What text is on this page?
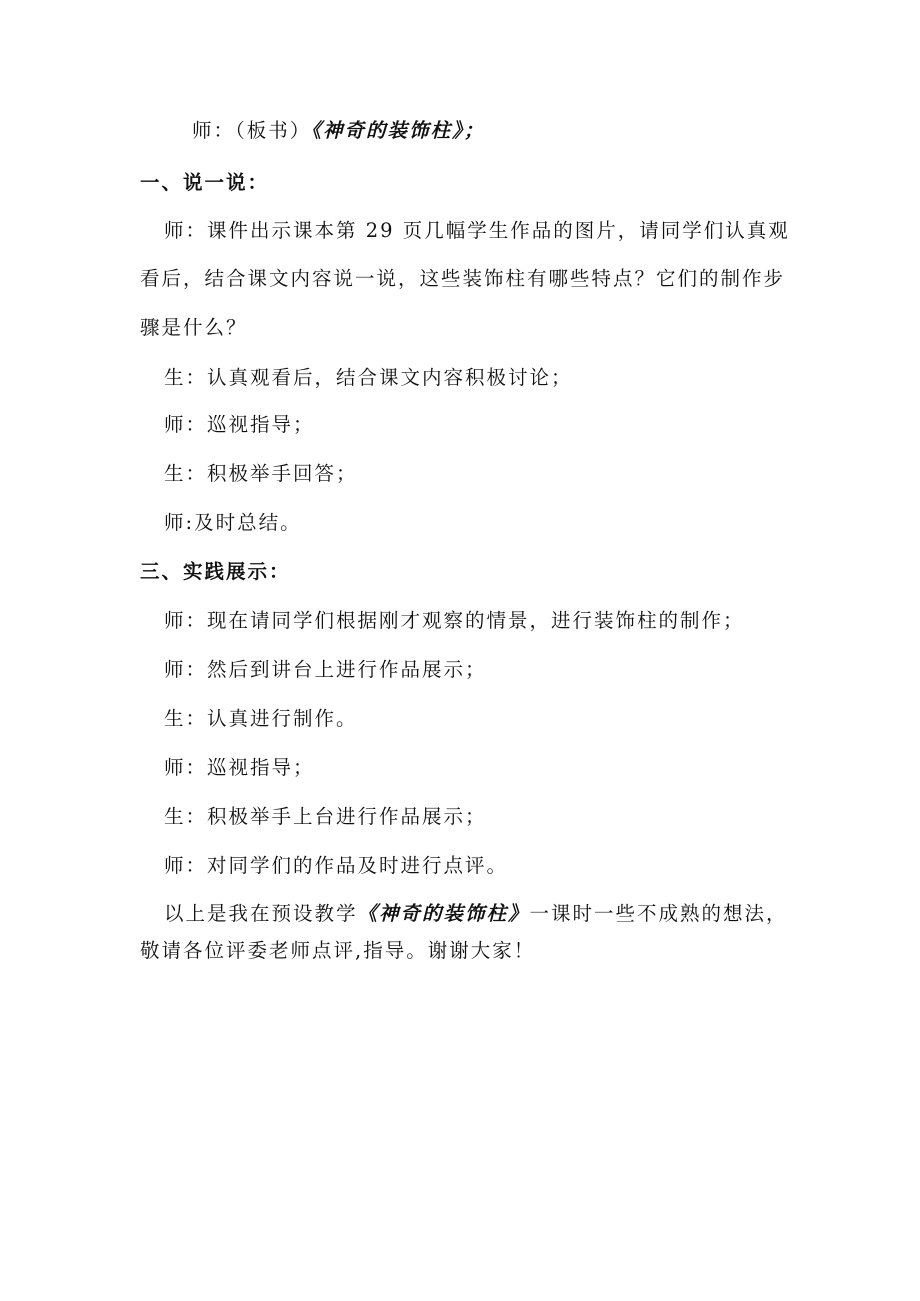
师：（板书）《神奇的装饰柱》；
一、说一说：
师：课件出示课本第 29 页几幅学生作品的图片，请同学们认真观
看后，结合课文内容说一说，这些装饰柱有哪些特点？它们的制作步
骤是什么？
生：认真观看后，结合课文内容积极讨论；
师：巡视指导；
生：积极举手回答；
师:及时总结。
三、实践展示：
师：现在请同学们根据刚才观察的情景，进行装饰柱的制作；
师：然后到讲台上进行作品展示；
生：认真进行制作。
师：巡视指导；
生：积极举手上台进行作品展示；
师：对同学们的作品及时进行点评。
以上是我在预设教学《神奇的装饰柱》一课时一些不成熟的想法，
敬请各位评委老师点评,指导。谢谢大家！
